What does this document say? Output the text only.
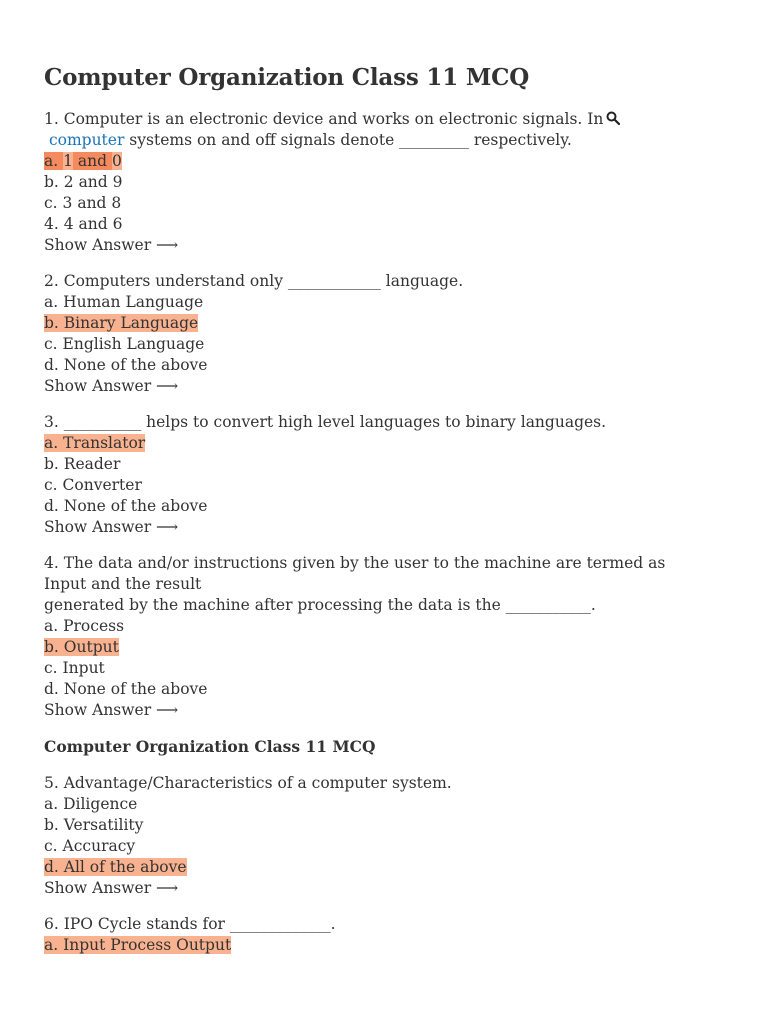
Computer Organization Class 11 MCQ
1. Computer is an electronic device and works on electronic signals. In
computer systems on and off signals denote _________ respectively.
a. 1 and 0
b. 2 and 9
c. 3 and 8
4. 4 and 6
Show Answer ⟶
2. Computers understand only ____________ language.
a. Human Language
b. Binary Language
c. English Language
d. None of the above
Show Answer ⟶
3. __________ helps to convert high level languages to binary languages.
a. Translator
b. Reader
c. Converter
d. None of the above
Show Answer ⟶
4. The data and/or instructions given by the user to the machine are termed as
Input and the result
generated by the machine after processing the data is the ___________.
a. Process
b. Output
c. Input
d. None of the above
Show Answer ⟶
Computer Organization Class 11 MCQ
5. Advantage/Characteristics of a computer system.
a. Diligence
b. Versatility
c. Accuracy
d. All of the above
Show Answer ⟶
6. IPO Cycle stands for _____________.
a. Input Process Output
